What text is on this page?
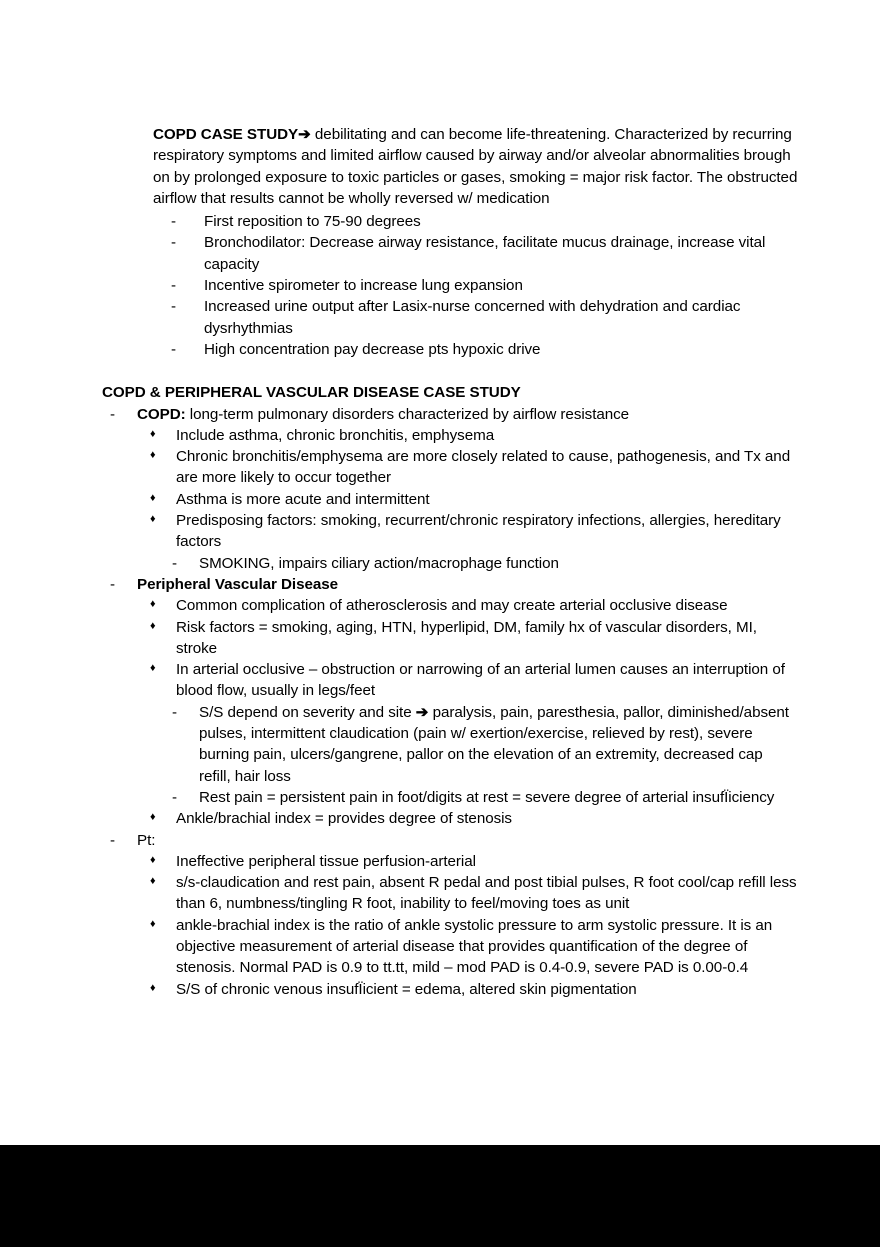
COPD CASE STUDY➔ debilitating and can become life-threatening. Characterized by recurring respiratory symptoms and limited airflow caused by airway and/or alveolar abnormalities brough on by prolonged exposure to toxic particles or gases, smoking = major risk factor. The obstructed airflow that results cannot be wholly reversed w/ medication

-	First reposition to 75-90 degrees
-	Bronchodilator: Decrease airway resistance, facilitate mucus drainage, increase vital capacity
-	Incentive spirometer to increase lung expansion
-	Increased urine output after Lasix-nurse concerned with dehydration and cardiac dysrhythmias
-	High concentration pay decrease pts hypoxic drive

COPD & PERIPHERAL VASCULAR DISEASE CASE STUDY

-	COPD: long-term pulmonary disorders characterized by airflow resistance
♦	Include asthma, chronic bronchitis, emphysema
♦	Chronic bronchitis/emphysema are more closely related to cause, pathogenesis, and Tx and are more likely to occur together
♦	Asthma is more acute and intermittent
♦	Predisposing factors: smoking, recurrent/chronic respiratory infections, allergies, hereditary factors
-	SMOKING, impairs ciliary action/macrophage function
-	Peripheral Vascular Disease
♦	Common complication of atherosclerosis and may create arterial occlusive disease
♦	Risk factors = smoking, aging, HTN, hyperlipid, DM, family hx of vascular disorders, MI, stroke
♦	In arterial occlusive – obstruction or narrowing of an arterial lumen causes an interruption of blood flow, usually in legs/feet
-	S/S depend on severity and site ➔ paralysis, pain, paresthesia, pallor, diminished/absent pulses, intermittent claudication (pain w/ exertion/exercise, relieved by rest), severe burning pain, ulcers/gangrene, pallor on the elevation of an extremity, decreased cap refill, hair loss
-	Rest pain = persistent pain in foot/digits at rest = severe degree of arterial insufÏiciency
♦	Ankle/brachial index = provides degree of stenosis
-	Pt:
♦	Ineffective peripheral tissue perfusion-arterial
♦	s/s-claudication and rest pain, absent R pedal and post tibial pulses, R foot cool/cap refill less than 6, numbness/tingling R foot, inability to feel/moving toes as unit
♦	ankle-brachial index is the ratio of ankle systolic pressure to arm systolic pressure. It is an objective measurement of arterial disease that provides quantification of the degree of stenosis. Normal PAD is 0.9 to tt.tt, mild – mod PAD is 0.4-0.9, severe PAD is 0.00-0.4
♦	S/S of chronic venous insufÏicient = edema, altered skin pigmentation
